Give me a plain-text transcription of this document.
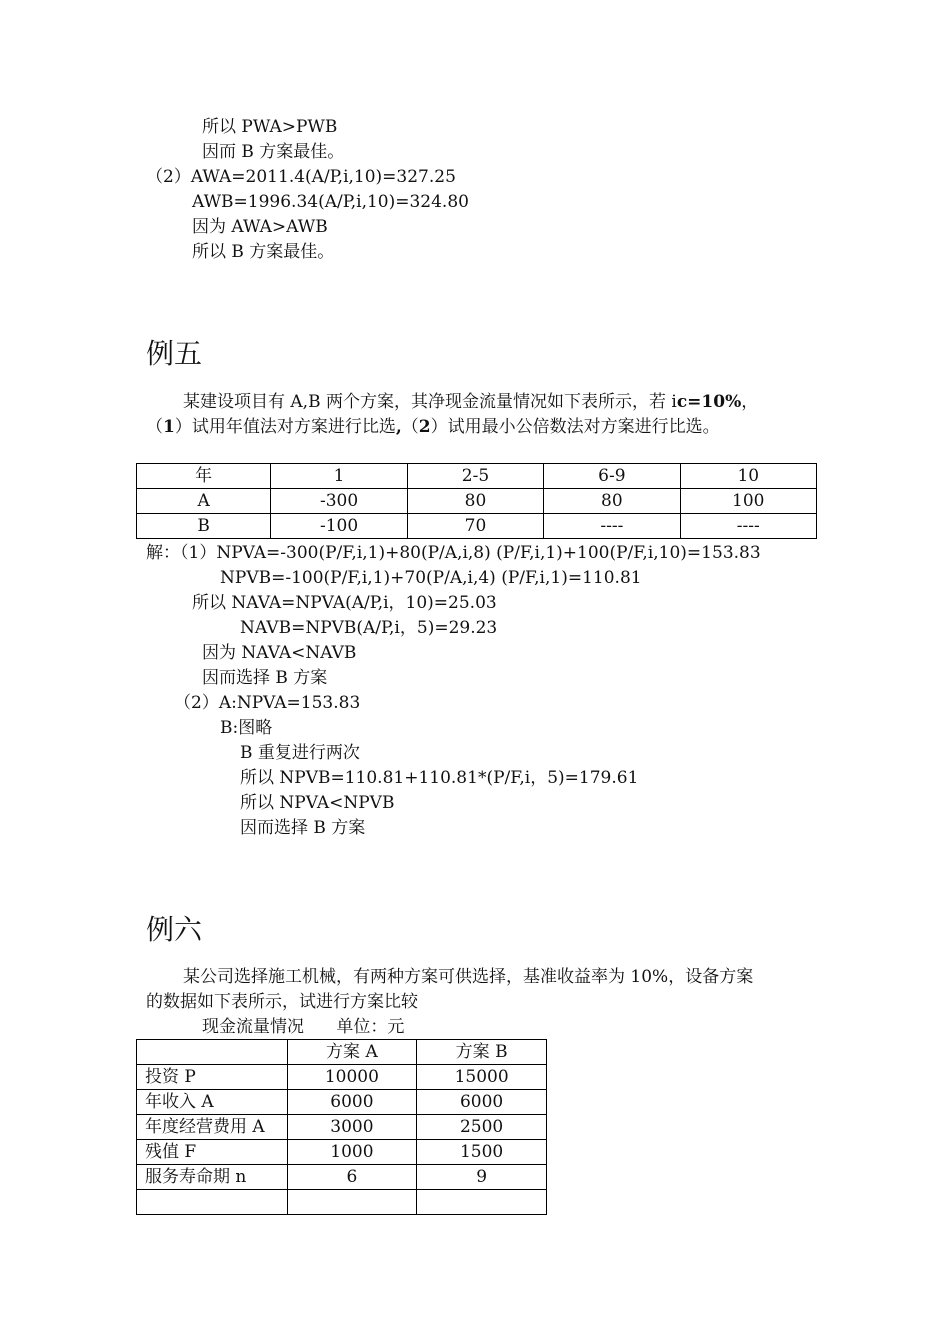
所以 PWA>PWB
因而 B 方案最佳。
（2）AWA=2011.4(A/P,i,10)=327.25
AWB=1996.34(A/P,i,10)=324.80
因为 AWA>AWB
所以 B 方案最佳。
例五
某建设项目有 A,B 两个方案，其净现金流量情况如下表所示，若 ic=10%，
（1）试用年值法对方案进行比选,（2）试用最小公倍数法对方案进行比选。
年	1	2-5	6-9	10
A	-300	80	80	100
B	-100	70	----	----
解：（1）NPVA=-300(P/F,i,1)+80(P/A,i,8) (P/F,i,1)+100(P/F,i,10)=153.83
NPVB=-100(P/F,i,1)+70(P/A,i,4) (P/F,i,1)=110.81
所以 NAVA=NPVA(A/P,i，10)=25.03
NAVB=NPVB(A/P,i，5)=29.23
因为 NAVA<NAVB
因而选择 B 方案
（2）A:NPVA=153.83
B:图略
B 重复进行两次
所以 NPVB=110.81+110.81*(P/F,i，5)=179.61
所以 NPVA<NPVB
因而选择 B 方案
例六
某公司选择施工机械，有两种方案可供选择，基准收益率为 10%，设备方案
的数据如下表所示，试进行方案比较
现金流量情况      单位：元
	方案 A	方案 B
投资 P	10000	15000
年收入 A	6000	6000
年度经营费用 A	3000	2500
残值 F	1000	1500
服务寿命期 n	6	9
